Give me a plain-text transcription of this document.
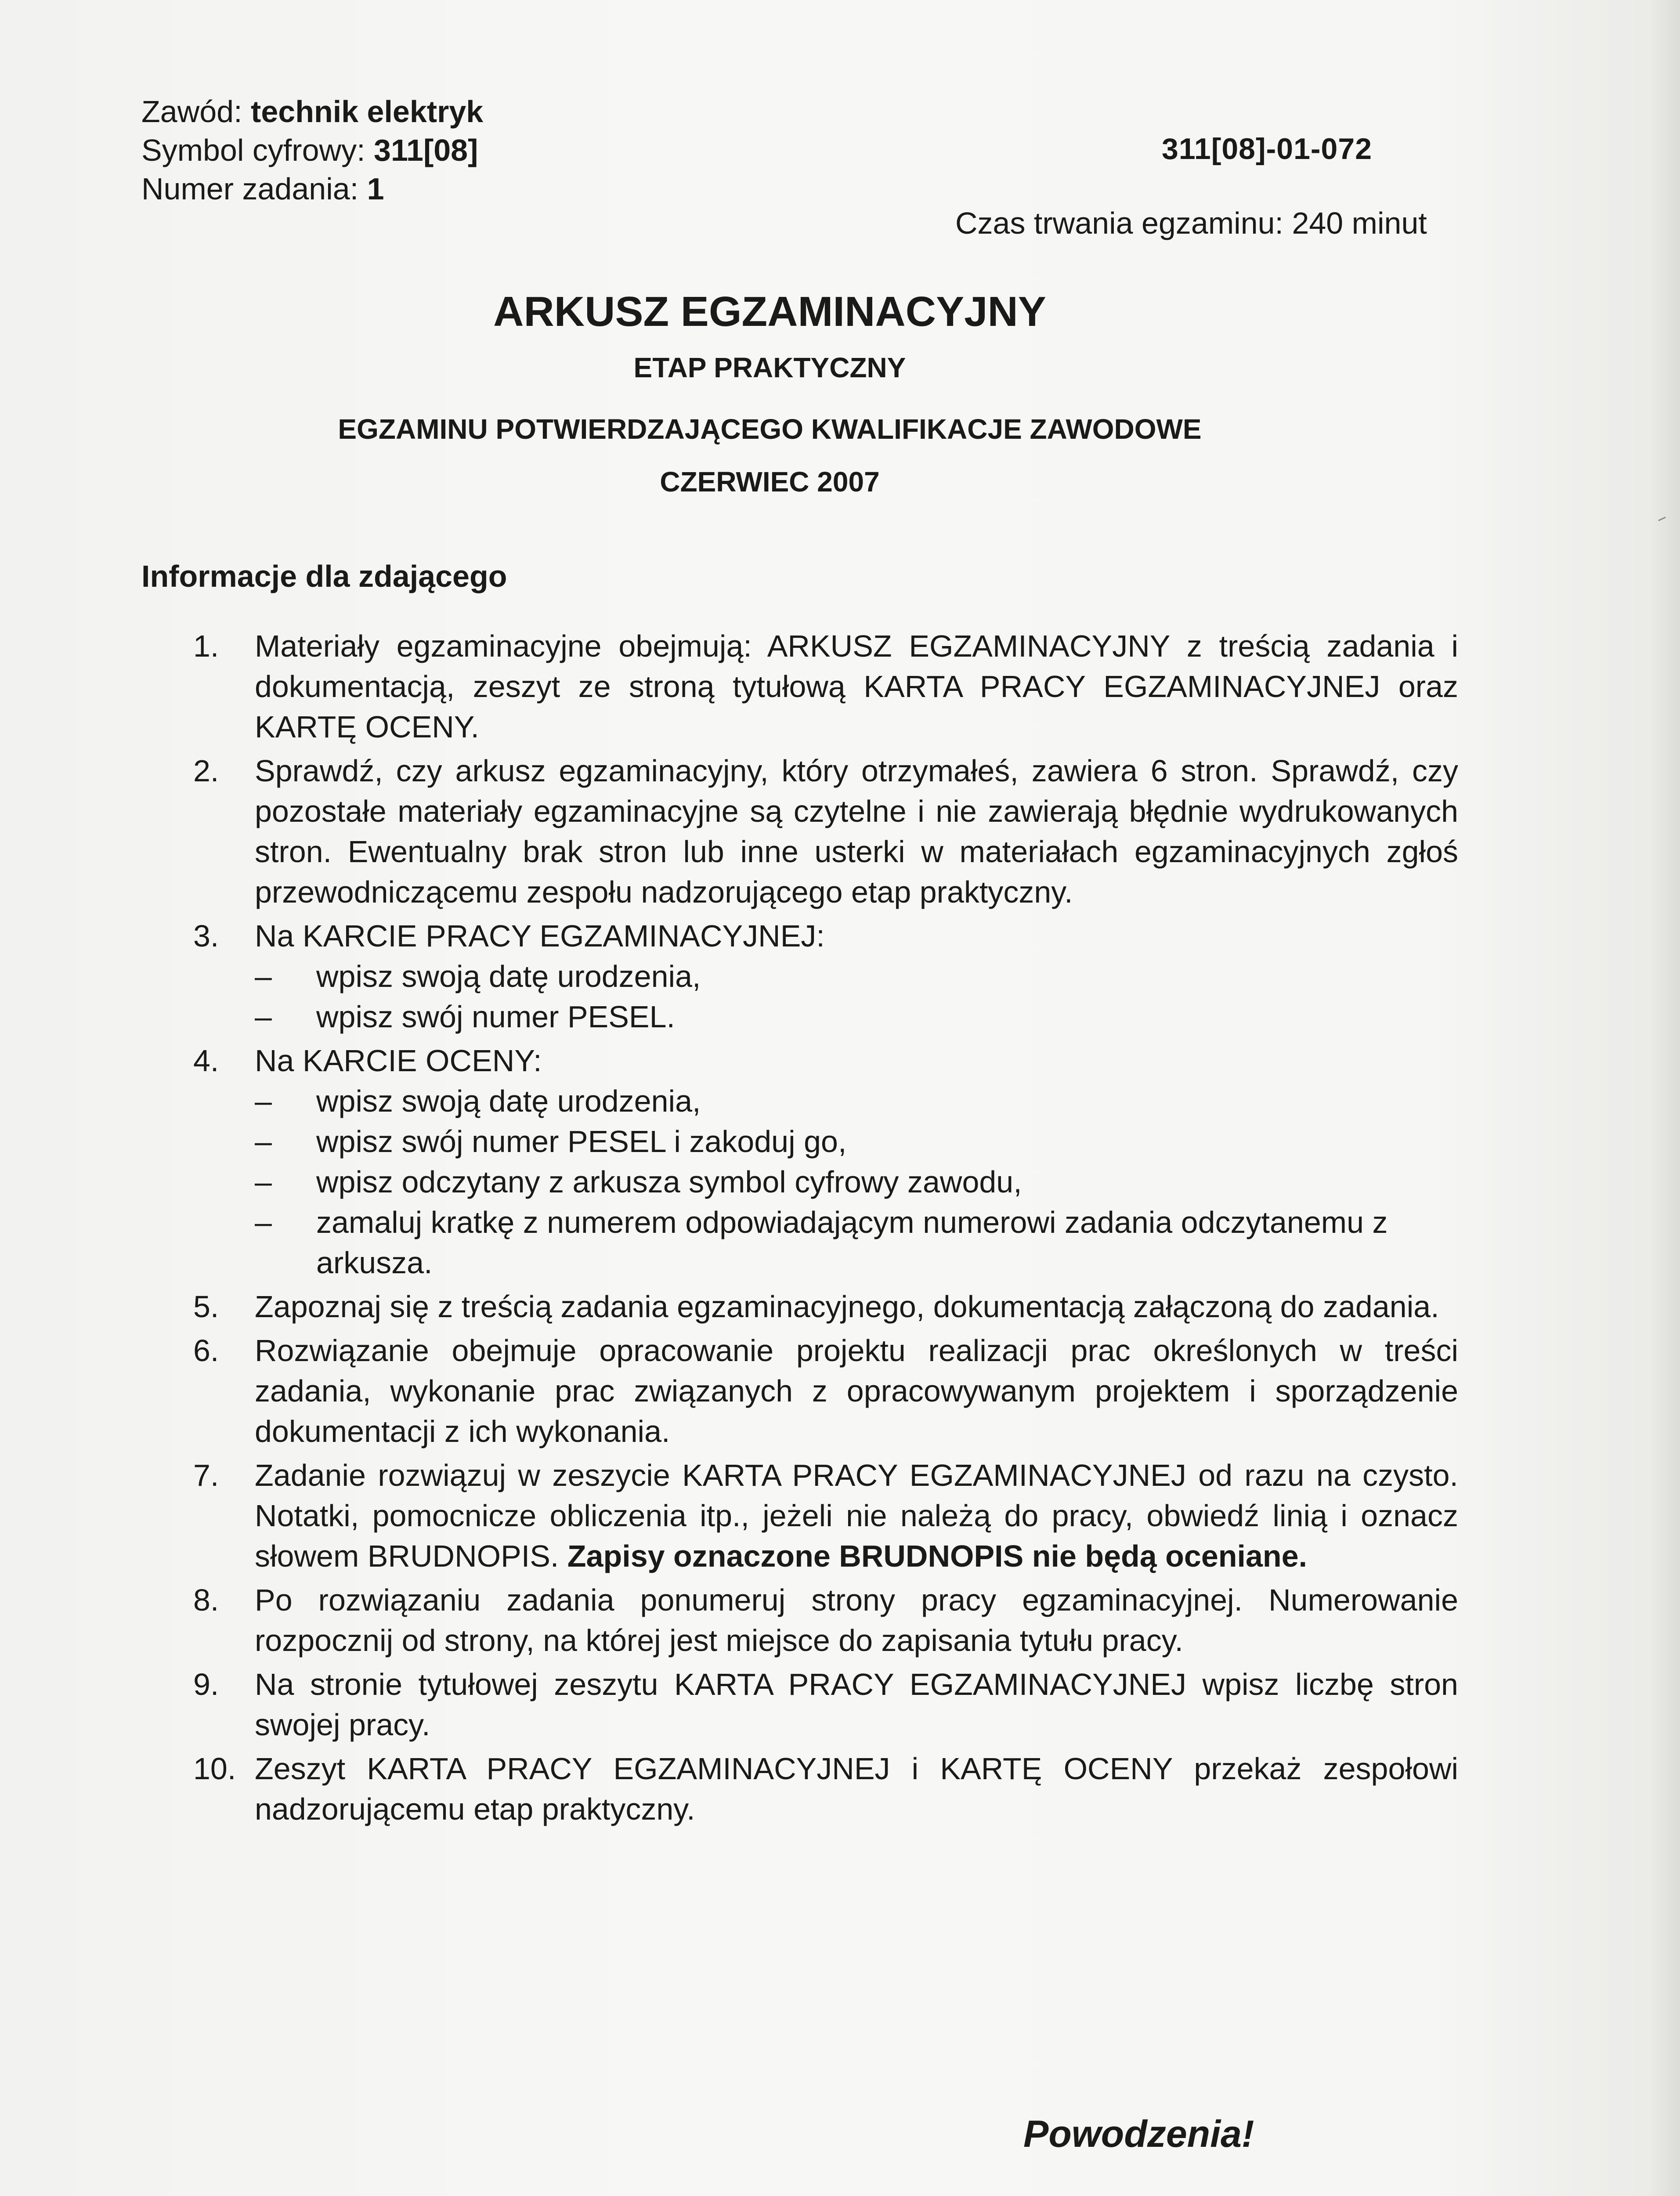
Zawód: technik elektryk
Symbol cyfrowy: 311[08]
Numer zadania: 1
311[08]-01-072
Czas trwania egzaminu: 240 minut
ARKUSZ EGZAMINACYJNY
ETAP PRAKTYCZNY
EGZAMINU POTWIERDZAJĄCEGO KWALIFIKACJE ZAWODOWE
CZERWIEC 2007
Informacje dla zdającego
1.	Materiały egzaminacyjne obejmują: ARKUSZ EGZAMINACYJNY z treścią zadania i dokumentacją, zeszyt ze stroną tytułową KARTA PRACY EGZAMINACYJNEJ oraz KARTĘ OCENY.
2.	Sprawdź, czy arkusz egzaminacyjny, który otrzymałeś, zawiera 6 stron. Sprawdź, czy pozostałe materiały egzaminacyjne są czytelne i nie zawierają błędnie wydrukowanych stron. Ewentualny brak stron lub inne usterki w materiałach egzaminacyjnych zgłoś przewodniczącemu zespołu nadzorującego etap praktyczny.
3.	Na KARCIE PRACY EGZAMINACYJNEJ:
– wpisz swoją datę urodzenia,
– wpisz swój numer PESEL.
4.	Na KARCIE OCENY:
– wpisz swoją datę urodzenia,
– wpisz swój numer PESEL i zakoduj go,
– wpisz odczytany z arkusza symbol cyfrowy zawodu,
– zamaluj kratkę z numerem odpowiadającym numerowi zadania odczytanemu z arkusza.
5.	Zapoznaj się z treścią zadania egzaminacyjnego, dokumentacją załączoną do zadania.
6.	Rozwiązanie obejmuje opracowanie projektu realizacji prac określonych w treści zadania, wykonanie prac związanych z opracowywanym projektem i sporządzenie dokumentacji z ich wykonania.
7.	Zadanie rozwiązuj w zeszycie KARTA PRACY EGZAMINACYJNEJ od razu na czysto. Notatki, pomocnicze obliczenia itp., jeżeli nie należą do pracy, obwiedź linią i oznacz słowem BRUDNOPIS. Zapisy oznaczone BRUDNOPIS nie będą oceniane.
8.	Po rozwiązaniu zadania ponumeruj strony pracy egzaminacyjnej. Numerowanie rozpocznij od strony, na której jest miejsce do zapisania tytułu pracy.
9.	Na stronie tytułowej zeszytu KARTA PRACY EGZAMINACYJNEJ wpisz liczbę stron swojej pracy.
10. Zeszyt KARTA PRACY EGZAMINACYJNEJ i KARTĘ OCENY przekaż zespołowi nadzorującemu etap praktyczny.
Powodzenia!
